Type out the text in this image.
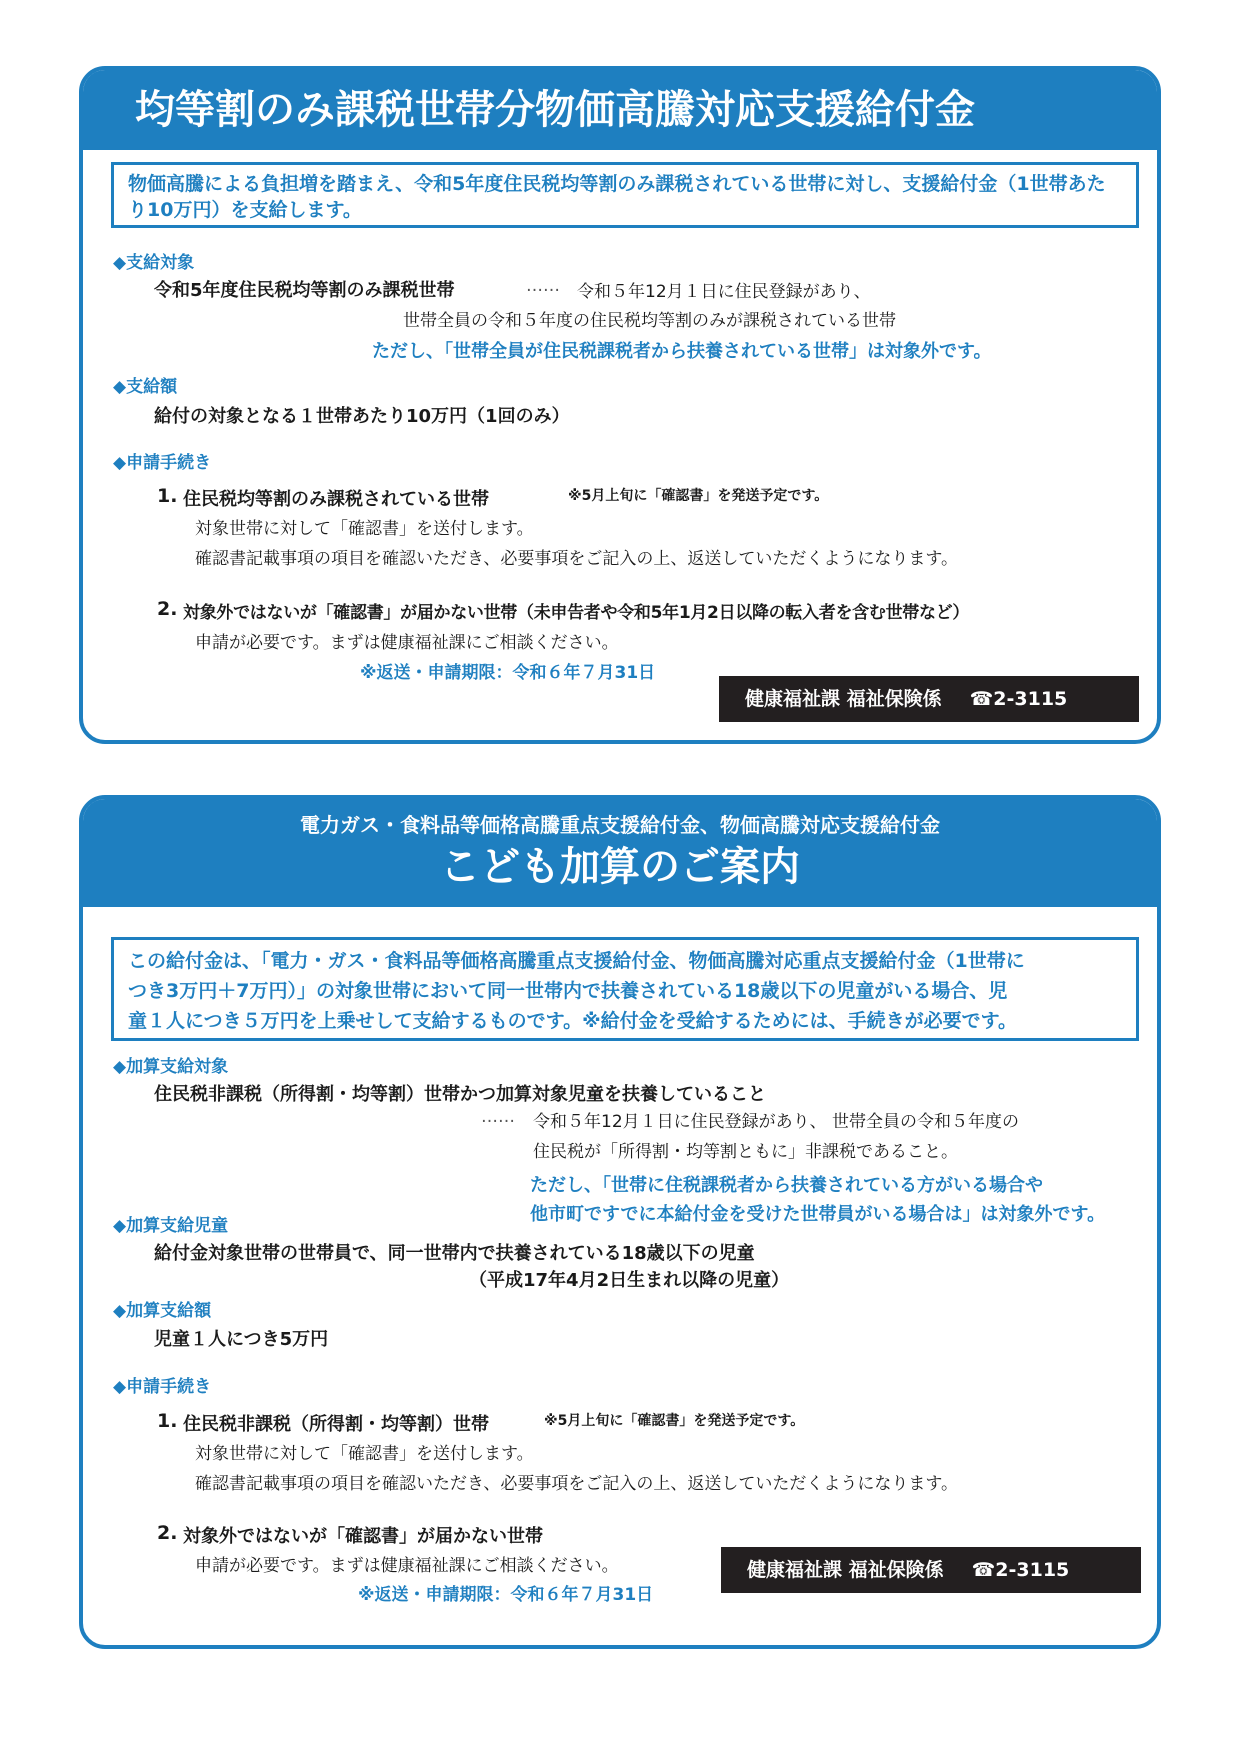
均等割のみ課税世帯分物価高騰対応支援給付金
物価高騰による負担増を踏まえ、令和5年度住民税均等割のみ課税されている世帯に対し、支援給付金（1世帯あたり10万円）を支給します。
◆支給対象
令和5年度住民税均等割のみ課税世帯	…… 令和５年12月１日に住民登録があり、
世帯全員の令和５年度の住民税均等割のみが課税されている世帯
ただし、「世帯全員が住民税課税者から扶養されている世帯」は対象外です。
◆支給額
給付の対象となる１世帯あたり10万円（1回のみ）
◆申請手続き
1. 住民税均等割のみ課税されている世帯	※5月上旬に「確認書」を発送予定です。
対象世帯に対して「確認書」を送付します。
確認書記載事項の項目を確認いただき、必要事項をご記入の上、返送していただくようになります。
2. 対象外ではないが「確認書」が届かない世帯（未申告者や令和5年1月2日以降の転入者を含む世帯など）
申請が必要です。まずは健康福祉課にご相談ください。
※返送・申請期限：令和６年７月31日
健康福祉課 福祉保険係 ☎2-3115
電力ガス・食料品等価格高騰重点支援給付金、物価高騰対応支援給付金
こども加算のご案内
この給付金は、「電力・ガス・食料品等価格高騰重点支援給付金、物価高騰対応重点支援給付金（1世帯に
つき3万円＋7万円）」の対象世帯において同一世帯内で扶養されている18歳以下の児童がいる場合、児
童１人につき５万円を上乗せして支給するものです。※給付金を受給するためには、手続きが必要です。
◆加算支給対象
住民税非課税（所得割・均等割）世帯かつ加算対象児童を扶養していること
…… 令和５年12月１日に住民登録があり、 世帯全員の令和５年度の
住民税が「所得割・均等割ともに」非課税であること。
ただし、「世帯に住税課税者から扶養されている方がいる場合や
他市町ですでに本給付金を受けた世帯員がいる場合は」は対象外です。
◆加算支給児童
給付金対象世帯の世帯員で、同一世帯内で扶養されている18歳以下の児童
（平成17年4月2日生まれ以降の児童）
◆加算支給額
児童１人につき5万円
◆申請手続き
1. 住民税非課税（所得割・均等割）世帯	※5月上旬に「確認書」を発送予定です。
対象世帯に対して「確認書」を送付します。
確認書記載事項の項目を確認いただき、必要事項をご記入の上、返送していただくようになります。
2. 対象外ではないが「確認書」が届かない世帯
申請が必要です。まずは健康福祉課にご相談ください。
※返送・申請期限：令和６年７月31日
健康福祉課 福祉保険係 ☎2-3115
